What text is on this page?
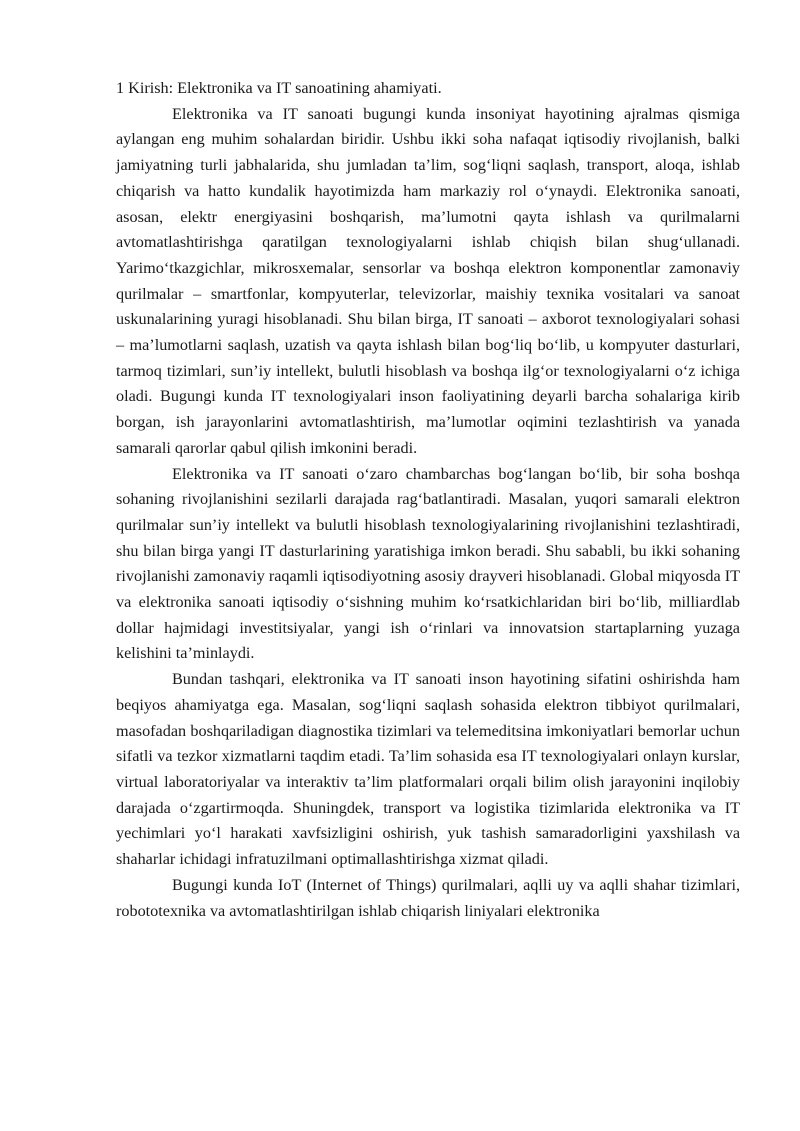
1 Kirish: Elektronika va IT sanoatining ahamiyati.

Elektronika va IT sanoati bugungi kunda insoniyat hayotining ajralmas qismiga aylangan eng muhim sohalardan biridir. Ushbu ikki soha nafaqat iqtisodiy rivojlanish, balki jamiyatning turli jabhalarida, shu jumladan ta’lim, sog‘liqni saqlash, transport, aloqa, ishlab chiqarish va hatto kundalik hayotimizda ham markaziy rol o‘ynaydi. Elektronika sanoati, asosan, elektr energiyasini boshqarish, ma’lumotni qayta ishlash va qurilmalarni avtomatlashtirishga qaratilgan texnologiyalarni ishlab chiqish bilan shug‘ullanadi. Yarimo‘tkazgichlar, mikrosxemalar, sensorlar va boshqa elektron komponentlar zamonaviy qurilmalar – smartfonlar, kompyuterlar, televizorlar, maishiy texnika vositalari va sanoat uskunalarining yuragi hisoblanadi. Shu bilan birga, IT sanoati – axborot texnologiyalari sohasi – ma’lumotlarni saqlash, uzatish va qayta ishlash bilan bog‘liq bo‘lib, u kompyuter dasturlari, tarmoq tizimlari, sun’iy intellekt, bulutli hisoblash va boshqa ilg‘or texnologiyalarni o‘z ichiga oladi. Bugungi kunda IT texnologiyalari inson faoliyatining deyarli barcha sohalariga kirib borgan, ish jarayonlarini avtomatlashtirish, ma’lumotlar oqimini tezlashtirish va yanada samarali qarorlar qabul qilish imkonini beradi.

Elektronika va IT sanoati o‘zaro chambarchas bog‘langan bo‘lib, bir soha boshqa sohaning rivojlanishini sezilarli darajada rag‘batlantiradi. Masalan, yuqori samarali elektron qurilmalar sun’iy intellekt va bulutli hisoblash texnologiyalarining rivojlanishini tezlashtiradi, shu bilan birga yangi IT dasturlarining yaratishiga imkon beradi. Shu sababli, bu ikki sohaning rivojlanishi zamonaviy raqamli iqtisodiyotning asosiy drayveri hisoblanadi. Global miqyosda IT va elektronika sanoati iqtisodiy o‘sishning muhim ko‘rsatkichlaridan biri bo‘lib, milliardlab dollar hajmidagi investitsiyalar, yangi ish o‘rinlari va innovatsion startaplarning yuzaga kelishini ta’minlaydi.

Bundan tashqari, elektronika va IT sanoati inson hayotining sifatini oshirishda ham beqiyos ahamiyatga ega. Masalan, sog‘liqni saqlash sohasida elektron tibbiyot qurilmalari, masofadan boshqariladigan diagnostika tizimlari va telemeditsina imkoniyatlari bemorlar uchun sifatli va tezkor xizmatlarni taqdim etadi. Ta’lim sohasida esa IT texnologiyalari onlayn kurslar, virtual laboratoriyalar va interaktiv ta’lim platformalari orqali bilim olish jarayonini inqilobiy darajada o‘zgartirmoqda. Shuningdek, transport va logistika tizimlarida elektronika va IT yechimlari yo‘l harakati xavfsizligini oshirish, yuk tashish samaradorligini yaxshilash va shaharlar ichidagi infratuzilmani optimallashtirishga xizmat qiladi.

Bugungi kunda IoT (Internet of Things) qurilmalari, aqlli uy va aqlli shahar tizimlari, robototexnika va avtomatlashtirilgan ishlab chiqarish liniyalari elektronika
